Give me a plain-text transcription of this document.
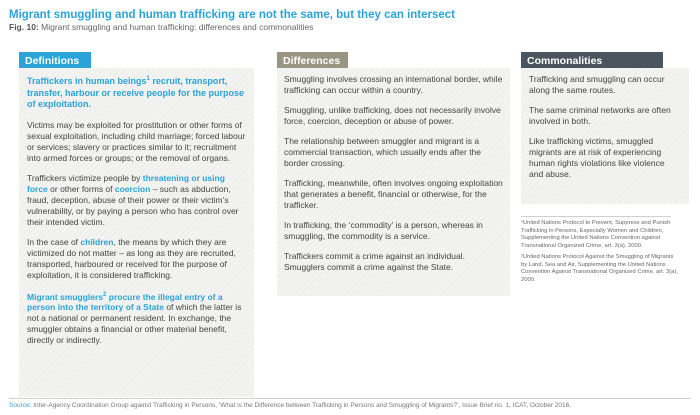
Migrant smuggling and human trafficking are not the same, but they can intersect
Fig. 10: Migrant smuggling and human trafficking: differences and commonalities
Definitions

Traffickers in human beings$^1$ recruit, transport, transfer, harbour or receive people for the purpose of exploitation.

Victims may be exploited for prostitution or other forms of sexual exploitation, including child marriage; forced labour or services; slavery or practices similar to it; recruitment into armed forces or groups; or the removal of organs.

Traffickers victimize people by threatening or using force or other forms of coercion – such as abduction, fraud, deception, abuse of their power or their victim’s vulnerability, or by paying a person who has control over their intended victim.

In the case of children, the means by which they are victimized do not matter – as long as they are recruited, transported, harboured or received for the purpose of exploitation, it is considered trafficking.

Migrant smugglers$^2$ procure the illegal entry of a person into the territory of a State of which the latter is not a national or permanent resident. In exchange, the smuggler obtains a financial or other material benefit, directly or indirectly.

Differences

Smuggling involves crossing an international border, while trafficking can occur within a country.

Smuggling, unlike trafficking, does not necessarily involve force, coercion, deception or abuse of power.

The relationship between smuggler and migrant is a commercial transaction, which usually ends after the border crossing.

Trafficking, meanwhile, often involves ongoing exploitation that generates a benefit, financial or otherwise, for the trafficker.

In trafficking, the ‘commodity’ is a person, whereas in smuggling, the commodity is a service.

Traffickers commit a crime against an individual. Smugglers commit a crime against the State.

Commonalities

Trafficking and smuggling can occur along the same routes.

The same criminal networks are often involved in both.

Like trafficking victims, smuggled migrants are at risk of experiencing human rights violations like violence and abuse.

¹United Nations Protocol to Prevent, Suppress and Punish Trafficking in Persons, Especially Women and Children, Supplementing the United Nations Convention against Transnational Organized Crime, art. 3(a), 2000.

²United Nations Protocol Against the Smuggling of Migrants by Land, Sea and Air, Supplementing the United Nations Convention Against Transnational Organized Crime, art. 3(a), 2000.

Source: Inter-Agency Coordination Group against Trafficking in Persons, ‘What is the Difference between Trafficking in Persons and Smuggling of Migrants?’, Issue Brief no. 1, ICAT, October 2016.
